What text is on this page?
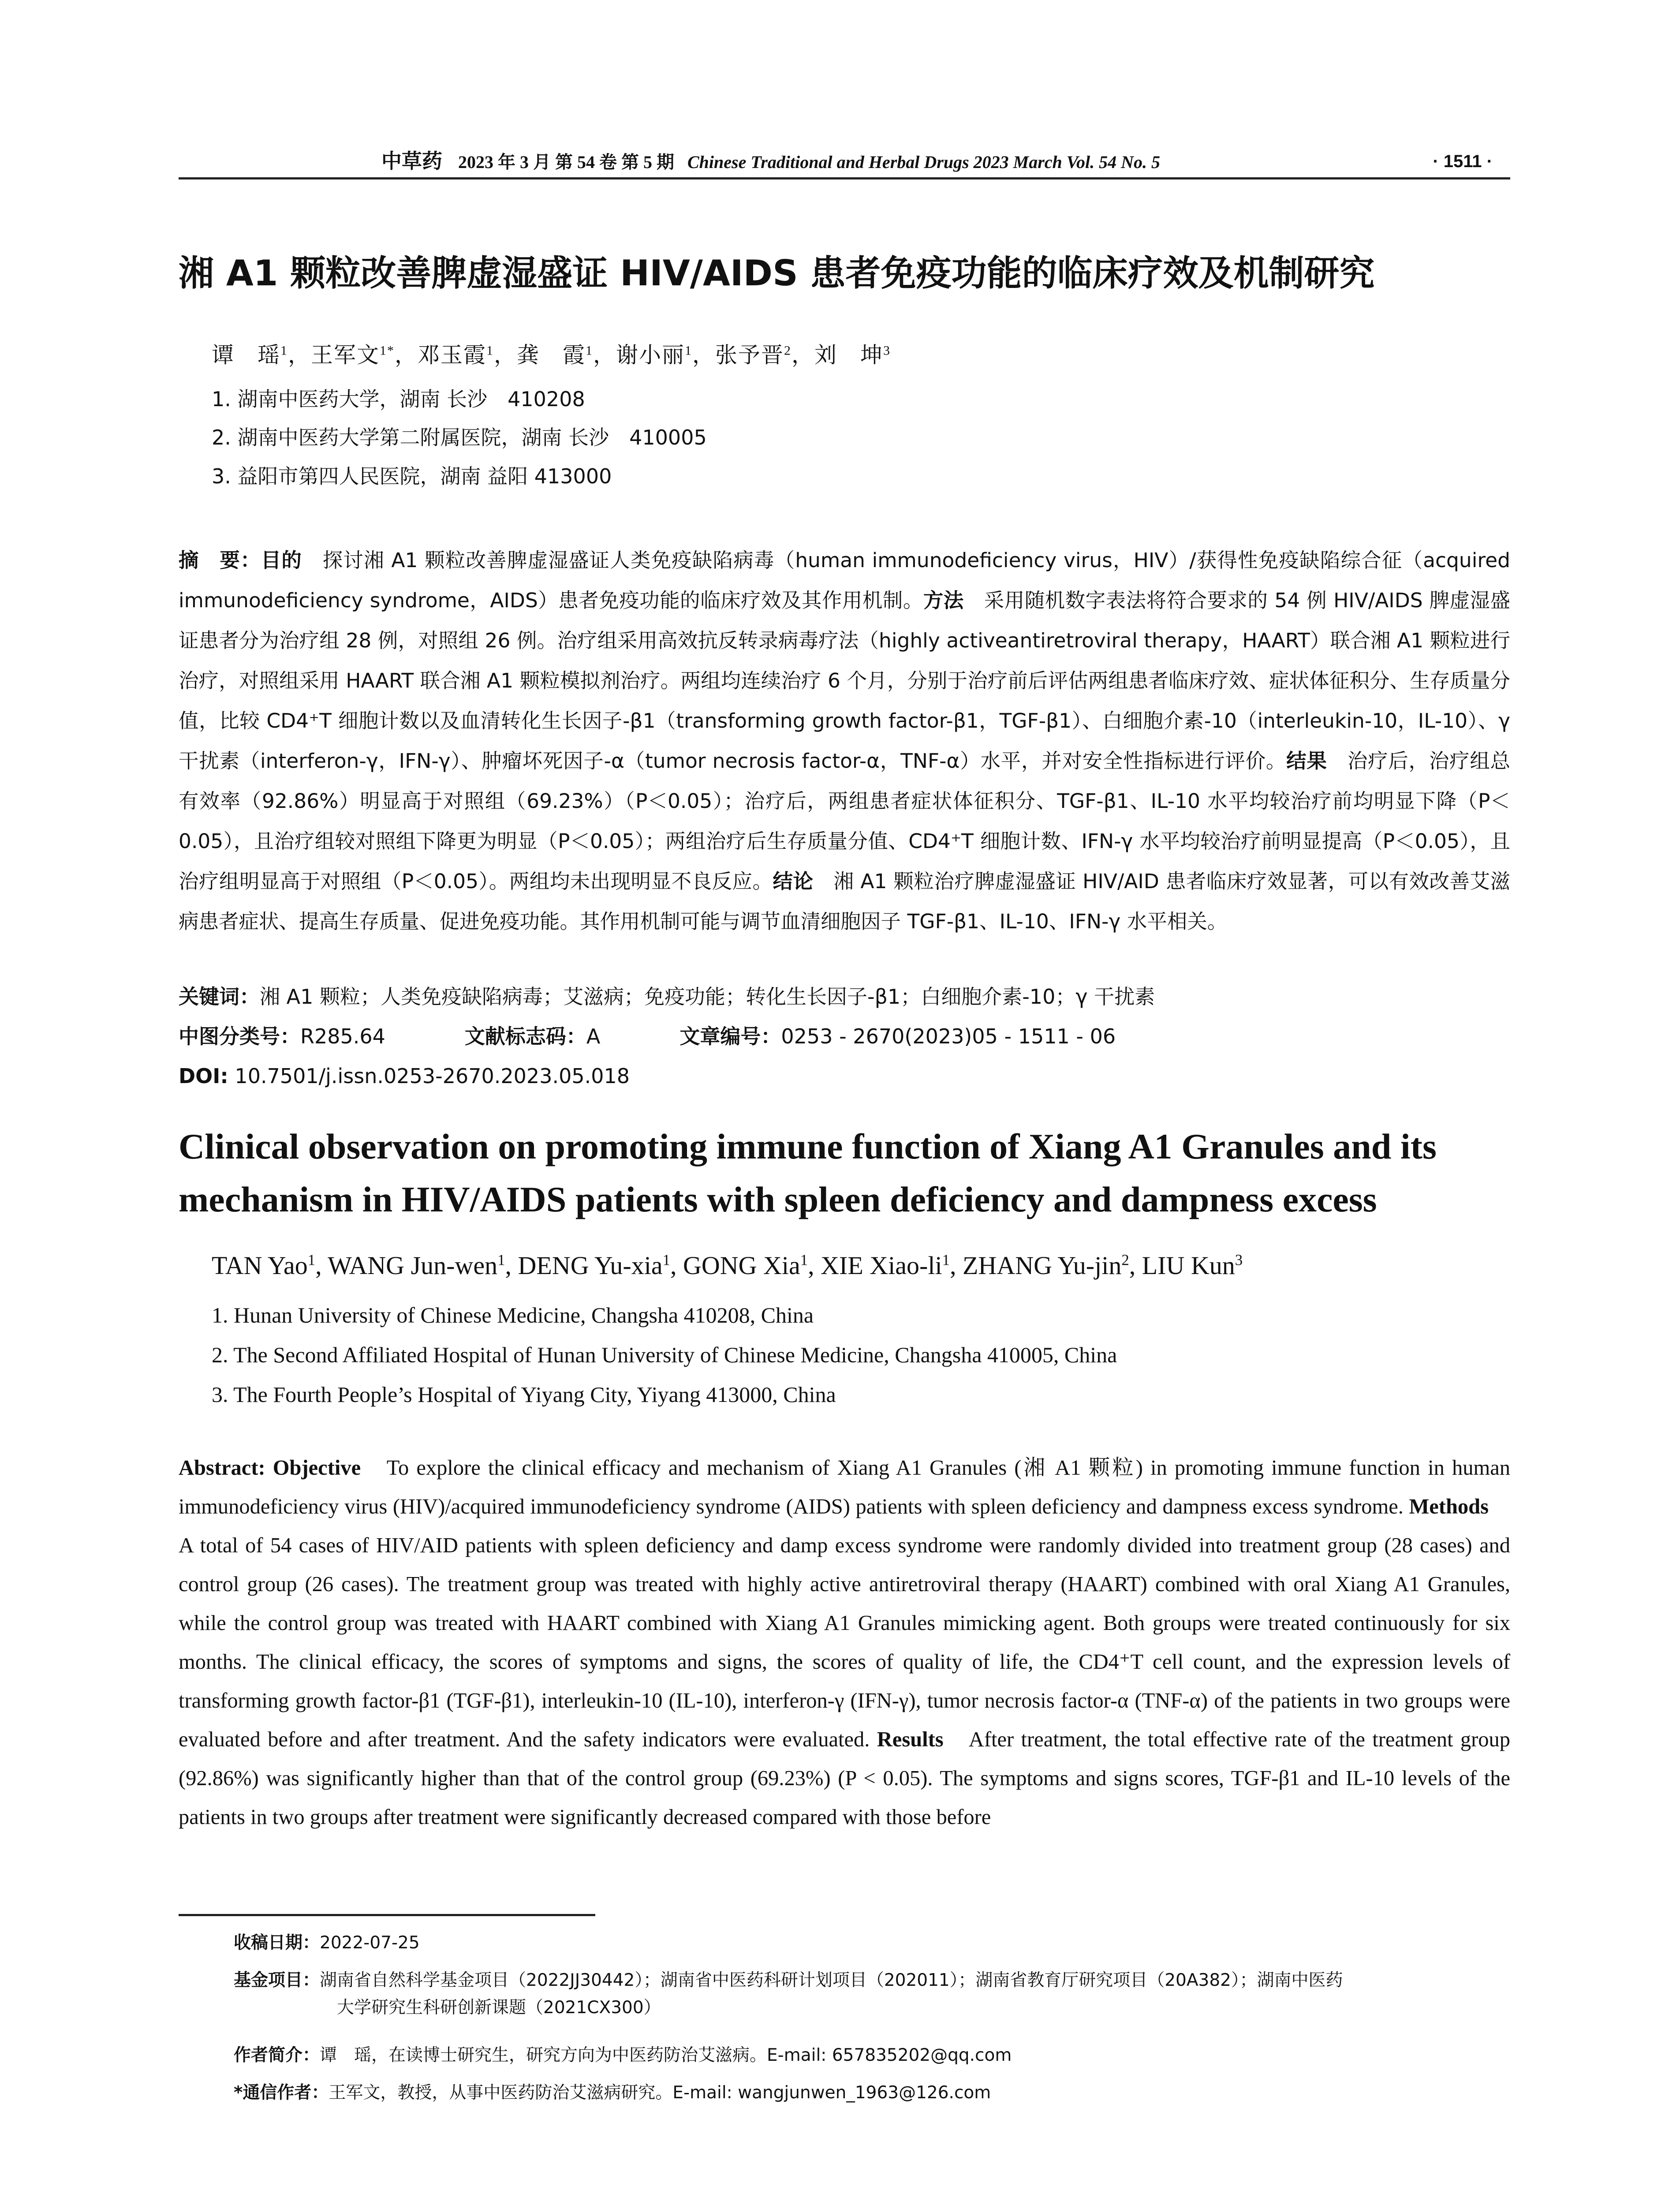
中草药 2023 年 3 月 第 54 卷 第 5 期 Chinese Traditional and Herbal Drugs 2023 March Vol. 54 No. 5	· 1511 ·
湘 A1 颗粒改善脾虚湿盛证 HIV/AIDS 患者免疫功能的临床疗效及机制研究
谭　瑶$^1$，王军文$^{1*}$，邓玉霞$^1$，龚　霞$^1$，谢小丽$^1$，张予晋$^2$，刘　坤$^3$
1. 湖南中医药大学，湖南 长沙　410208
2. 湖南中医药大学第二附属医院，湖南 长沙　410005
3. 益阳市第四人民医院，湖南 益阳 413000
摘　要：目的　探讨湘 A1 颗粒改善脾虚湿盛证人类免疫缺陷病毒（human immunodeficiency virus，HIV）/获得性免疫缺陷综合征（acquired immunodeficiency syndrome，AIDS）患者免疫功能的临床疗效及其作用机制。方法　采用随机数字表法将符合要求的 54 例 HIV/AIDS 脾虚湿盛证患者分为治疗组 28 例，对照组 26 例。治疗组采用高效抗反转录病毒疗法（highly activeantiretroviral therapy，HAART）联合湘 A1 颗粒进行治疗，对照组采用 HAART 联合湘 A1 颗粒模拟剂治疗。两组均连续治疗 6 个月，分别于治疗前后评估两组患者临床疗效、症状体征积分、生存质量分值，比较 CD4⁺T 细胞计数以及血清转化生长因子-β1（transforming growth factor-β1，TGF-β1）、白细胞介素-10（interleukin-10，IL-10）、γ 干扰素（interferon-γ，IFN-γ）、肿瘤坏死因子-α（tumor necrosis factor-α，TNF-α）水平，并对安全性指标进行评价。结果　治疗后，治疗组总有效率（92.86%）明显高于对照组（69.23%）（P＜0.05）；治疗后，两组患者症状体征积分、TGF-β1、IL-10 水平均较治疗前均明显下降（P＜0.05），且治疗组较对照组下降更为明显（P＜0.05）；两组治疗后生存质量分值、CD4⁺T 细胞计数、IFN-γ 水平均较治疗前明显提高（P＜0.05），且治疗组明显高于对照组（P＜0.05）。两组均未出现明显不良反应。结论　湘 A1 颗粒治疗脾虚湿盛证 HIV/AID 患者临床疗效显著，可以有效改善艾滋病患者症状、提高生存质量、促进免疫功能。其作用机制可能与调节血清细胞因子 TGF-β1、IL-10、IFN-γ 水平相关。
关键词：湘 A1 颗粒；人类免疫缺陷病毒；艾滋病；免疫功能；转化生长因子-β1；白细胞介素-10；γ 干扰素
中图分类号：R285.64	文献标志码：A	文章编号：0253 - 2670(2023)05 - 1511 - 06
DOI: 10.7501/j.issn.0253-2670.2023.05.018
Clinical observation on promoting immune function of Xiang A1 Granules and its mechanism in HIV/AIDS patients with spleen deficiency and dampness excess
TAN Yao$^1$, WANG Jun-wen$^1$, DENG Yu-xia$^1$, GONG Xia$^1$, XIE Xiao-$li^1$, ZHANG Yu-jin$^2$, LIU Kun$^3$
1. Hunan University of Chinese Medicine, Changsha 410208, China
2. The Second Affiliated Hospital of Hunan University of Chinese Medicine, Changsha 410005, China
3. The Fourth People’s Hospital of Yiyang City, Yiyang 413000, China
Abstract: Objective　To explore the clinical efficacy and mechanism of Xiang A1 Granules (湘 A1 颗粒) in promoting immune function in human immunodeficiency virus (HIV)/acquired immunodeficiency syndrome (AIDS) patients with spleen deficiency and dampness excess syndrome. Methods　A total of 54 cases of HIV/AID patients with spleen deficiency and damp excess syndrome were randomly divided into treatment group (28 cases) and control group (26 cases). The treatment group was treated with highly active antiretroviral therapy (HAART) combined with oral Xiang A1 Granules, while the control group was treated with HAART combined with Xiang A1 Granules mimicking agent. Both groups were treated continuously for six months. The clinical efficacy, the scores of symptoms and signs, the scores of quality of life, the CD4⁺T cell count, and the expression levels of transforming growth factor-β1 (TGF-β1), interleukin-10 (IL-10), interferon-γ (IFN-γ), tumor necrosis factor-α (TNF-α) of the patients in two groups were evaluated before and after treatment. And the safety indicators were evaluated. Results　After treatment, the total effective rate of the treatment group (92.86%) was significantly higher than that of the control group (69.23%) (P < 0.05). The symptoms and signs scores, TGF-β1 and IL-10 levels of the patients in two groups after treatment were significantly decreased compared with those before
收稿日期：2022-07-25
基金项目：湖南省自然科学基金项目（2022JJ30442）；湖南省中医药科研计划项目（202011）；湖南省教育厅研究项目（20A382）；湖南中医药
大学研究生科研创新课题（2021CX300）
作者简介：谭　瑶，在读博士研究生，研究方向为中医药防治艾滋病。E-mail: 657835202@qq.com
*通信作者：王军文，教授，从事中医药防治艾滋病研究。E-mail: wangjunwen_1963@126.com
